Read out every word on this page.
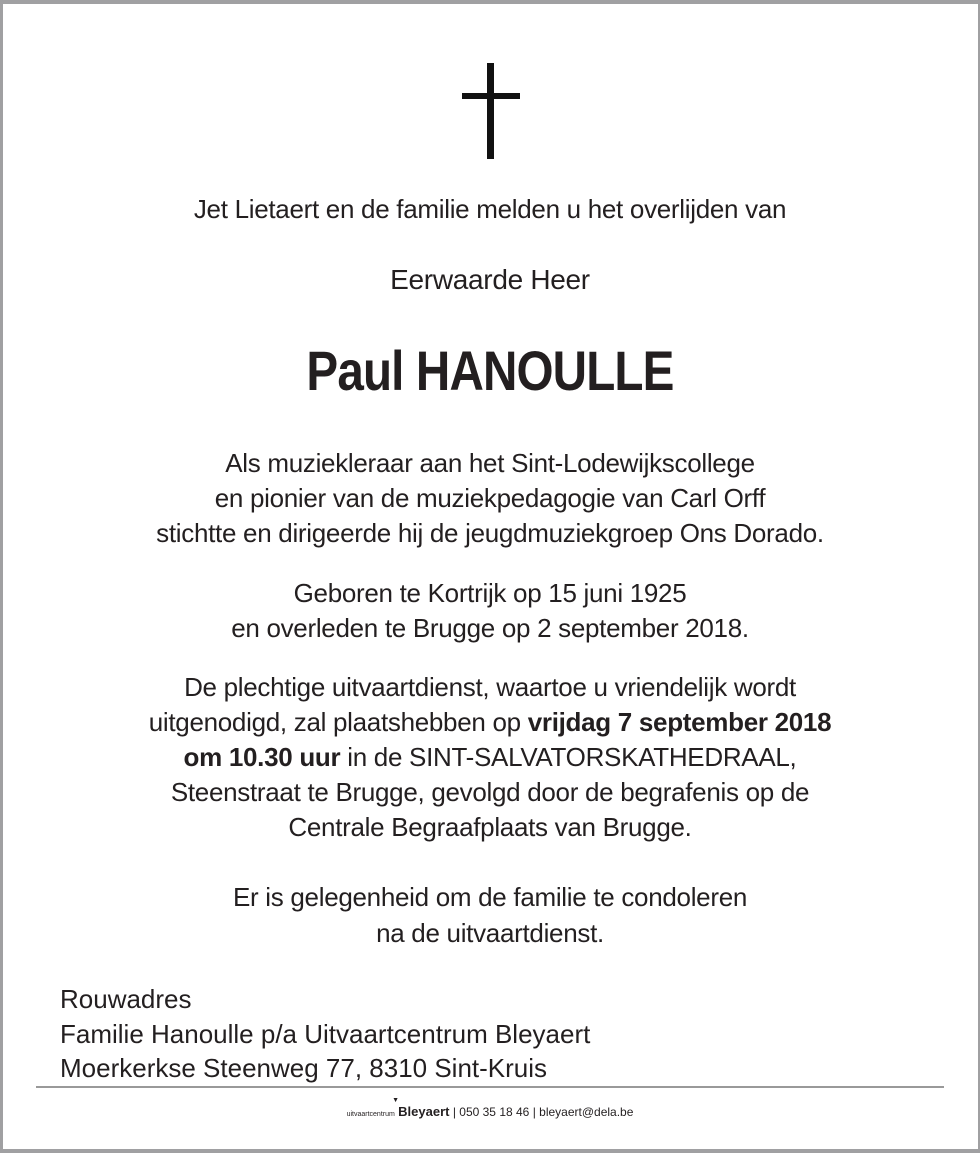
Jet Lietaert en de familie melden u het overlijden van
Eerwaarde Heer
Paul HANOULLE
Als muziekleraar aan het Sint-Lodewijkscollege
en pionier van de muziekpedagogie van Carl Orff
stichtte en dirigeerde hij de jeugdmuziekgroep Ons Dorado.
Geboren te Kortrijk op 15 juni 1925
en overleden te Brugge op 2 september 2018.
De plechtige uitvaartdienst, waartoe u vriendelijk wordt
uitgenodigd, zal plaatshebben op vrijdag 7 september 2018
om 10.30 uur in de SINT-SALVATORSKATHEDRAAL,
Steenstraat te Brugge, gevolgd door de begrafenis op de
Centrale Begraafplaats van Brugge.
Er is gelegenheid om de familie te condoleren
na de uitvaartdienst.
Rouwadres
Familie Hanoulle p/a Uitvaartcentrum Bleyaert
Moerkerkse Steenweg 77, 8310 Sint-Kruis
uitvaartcentrum
▼
Bleyaert | 050 35 18 46 | bleyaert@dela.be
